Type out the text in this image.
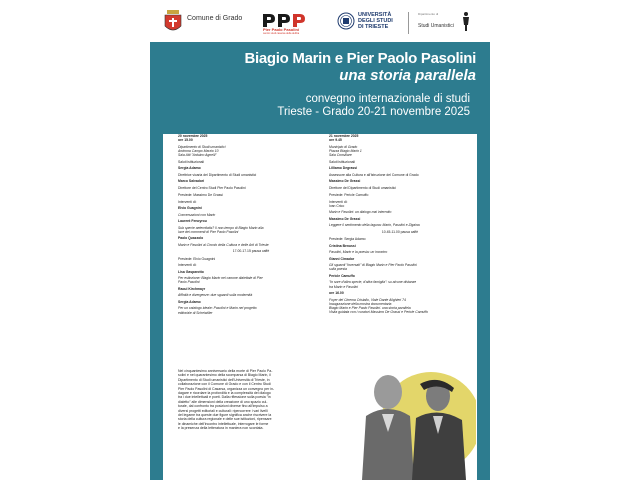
Comune di Grado
Pier Paolo Pasolini
centro studi casarsa della delizia
UNIVERSITÀ
DEGLI STUDI
DI TRIESTE
Dipartimento di
Studi Umanistici
Biagio Marin e Pier Paolo Pasolini
una storia parallela
convegno internazionale di studi
Trieste - Grado 20-21 novembre 2025

20 novembre 2025
ore 15.00

Dipartimento di Studi umanistici
Androna Campo Marzio 10
Sala Atti "Arduino Agnelli"

Saluti istituzionali

Sergia Adamo

Direttrice vicaria del Dipartimento di Studi umanistici

Marco Salvadori

Direttore del Centro Studi Pier Paolo Pasolini

Presiede: Massimo De Grassi

Interventi di:

Elvio Guagnini

Conversazioni con Marin

Laurent Fenoyrou

Sub specie aeternitatis? Il non-tempo di Biagio Marin alla
luce dei commenti di Pier Paolo Pasolini

Paolo Quazzolo

Marin e Pasolini al Circolo della Cultura e delle Arti di Trieste

17.00-17.15 pausa caffè

Presiede: Elvio Guagnini

Interventi di:

Lisa Gasparotto

Per estinzione: Biagio Marin nel canone dialettale di Pier
Paolo Pasolini

Raoul Kirchmayr

Affinità e divergenze: due sguardi sulla modernità

Sergia Adamo

Per un catalogo ideale: Pasolini e Marin nel progetto
editoriale di Scheiwiller

21 novembre 2025
ore 9.45

Municipio di Grado
Piazza Biagio Marin 1
Sala Consiliare

Saluti istituzionali

Lilliamo Degrassi

Assessore alla Cultura e all'Istruzione del Comune di Grado

Massimo De Grassi

Direttore del Dipartimento di Studi umanistici

Presiede: Pericle Camuffo

Interventi di:
Ivan Crico

Marin e Pasolini: un dialogo mai interrotto

Massimo De Grassi

Leggere il sentimento della laguna: Marin, Pasolini e Zigaina

10.45-11.00 pausa caffè

Presiede: Sergia Adamo

Cristina Benussi

Pasolini, Marin e la poesia: un incontro

Gianni Cimador

Gli sguardi "inversati" di Biagio Marin e Pier Paolo Pasolini
sulla poesia

Pericle Camuffo

"In sore d'altra specie, d'altra famiglia": su alcune distanze
tra Marin e Pasolini

ore 16.00

Foyer del Cinema Cristallo, Viale Dante Alighieri 74
Inaugurazione della mostra documentaria
Biagio Marin e Pier Paolo Pasolini. una storia parallela
Visita guidata con i curatori Massimo De Grassi e Pericle Camuffo

Nel cinquantesimo anniversario della morte di Pier Paolo Pa-
solini e nel quarantesimo della scomparsa di Biagio Marin, il
Dipartimento di Studi umanistici dell'Università di Trieste, in
collaborazione con il Comune di Grado e con il Centro Studi
Pier Paolo Pasolini di Casarsa, organizza un convegno per in-
dagare e ricordare la profondità e la complessità del dialogo
tra i due intellettuali e poeti. Dalla riflessione sulla poesia "in
dialetto" alle dimensioni della creazione di uno spazio cul-
turale, dal confronto tra posizioni diverse fino all'impulso a
diversi progetti editoriali e culturali: ripercorrere i vari livelli
del legame tra queste due figure significa anche riscrivere la
storia della cultura regionale e delle sue istituzioni, ripensare
le dinamiche dell'incontro intellettuale, interrogare le forme
e la presenza della letteratura in maniera non scontata.
